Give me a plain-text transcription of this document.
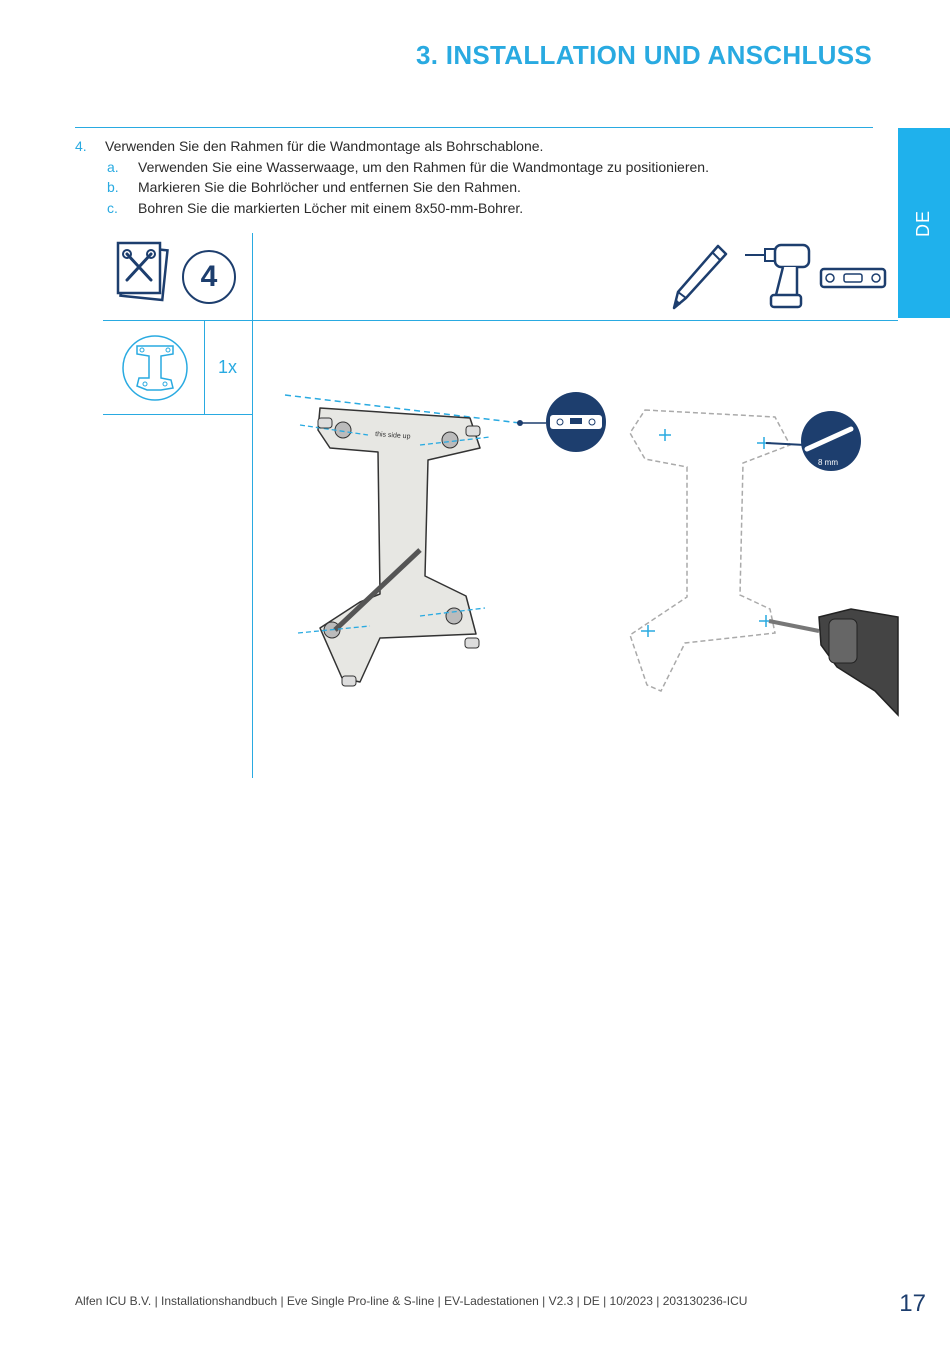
3. INSTALLATION UND ANSCHLUSS
DE
4.	Verwenden Sie den Rahmen für die Wandmontage als Bohrschablone.
a.	Verwenden Sie eine Wasserwaage, um den Rahmen für die Wandmontage zu positionieren.
b.	Markieren Sie die Bohrlöcher und entfernen Sie den Rahmen.
c.	Bohren Sie die markierten Löcher mit einem 8x50-mm-Bohrer.
4
1x
this side up
8 mm
Alfen ICU B.V. | Installationshandbuch | Eve Single Pro-line & S-line | EV-Ladestationen | V2.3 | DE | 10/2023 | 203130236-ICU	17
